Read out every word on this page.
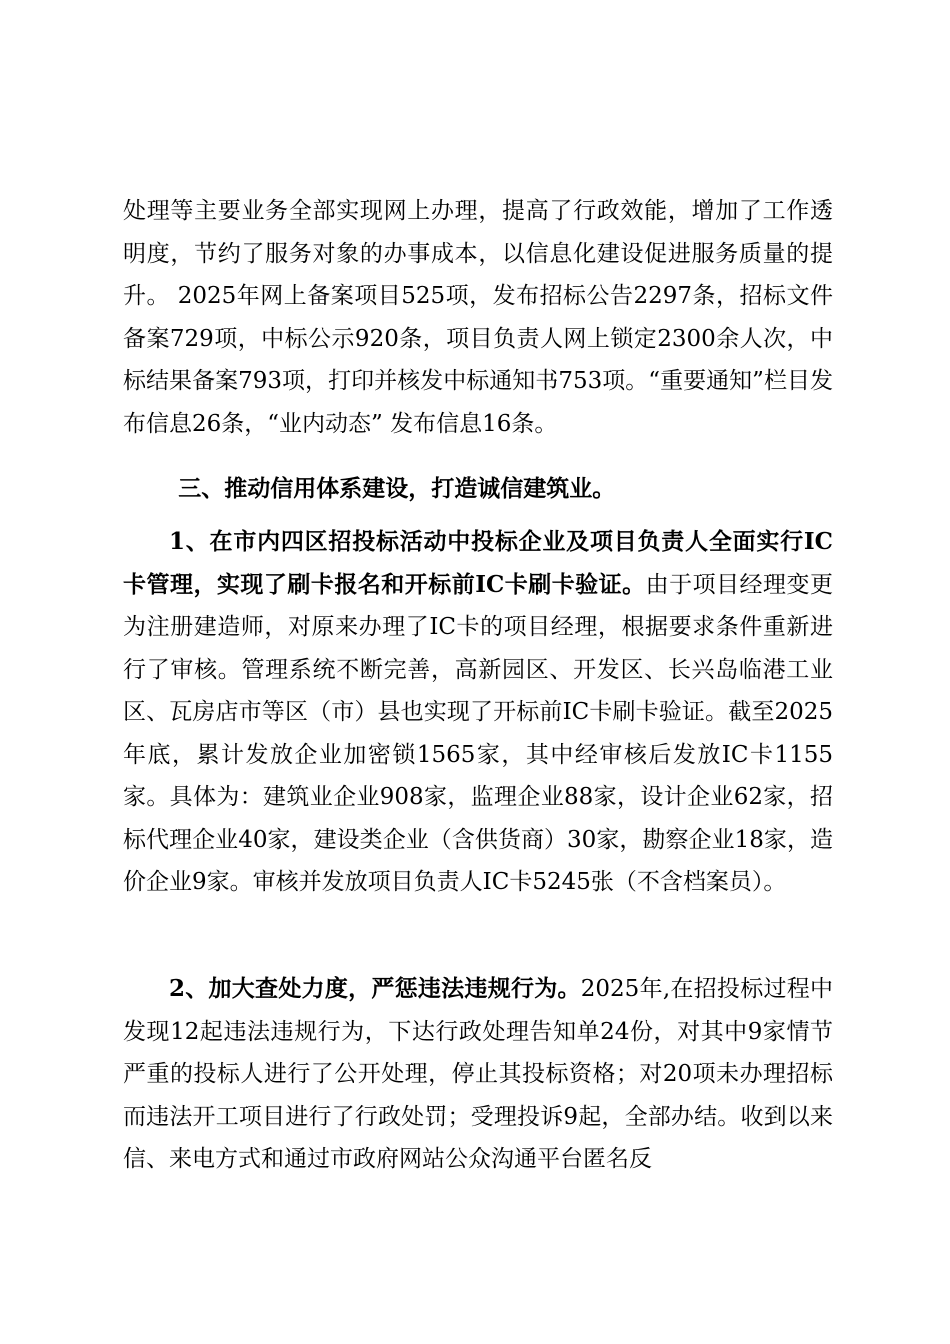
处理等主要业务全部实现网上办理，提高了行政效能，增加了工作透明度，节约了服务对象的办事成本，以信息化建设促进服务质量的提升。 2025年网上备案项目525项，发布招标公告2297条，招标文件备案729项，中标公示920条，项目负责人网上锁定2300余人次，中标结果备案793项，打印并核发中标通知书753项。“重要通知”栏目发布信息26条，“业内动态” 发布信息16条。

三、推动信用体系建设，打造诚信建筑业。

1、在市内四区招投标活动中投标企业及项目负责人全面实行IC卡管理，实现了刷卡报名和开标前IC卡刷卡验证。由于项目经理变更为注册建造师，对原来办理了IC卡的项目经理，根据要求条件重新进行了审核。管理系统不断完善，高新园区、开发区、长兴岛临港工业区、瓦房店市等区（市）县也实现了开标前IC卡刷卡验证。截至2025年底，累计发放企业加密锁1565家，其中经审核后发放IC卡1155家。具体为：建筑业企业908家，监理企业88家，设计企业62家，招标代理企业40家，建设类企业（含供货商）30家，勘察企业18家，造价企业9家。审核并发放项目负责人IC卡5245张（不含档案员）。

2、加大查处力度，严惩违法违规行为。2025年,在招投标过程中发现12起违法违规行为，下达行政处理告知单24份，对其中9家情节严重的投标人进行了公开处理，停止其投标资格；对20项未办理招标而违法开工项目进行了行政处罚；受理投诉9起，全部办结。收到以来信、来电方式和通过市政府网站公众沟通平台匿名反
